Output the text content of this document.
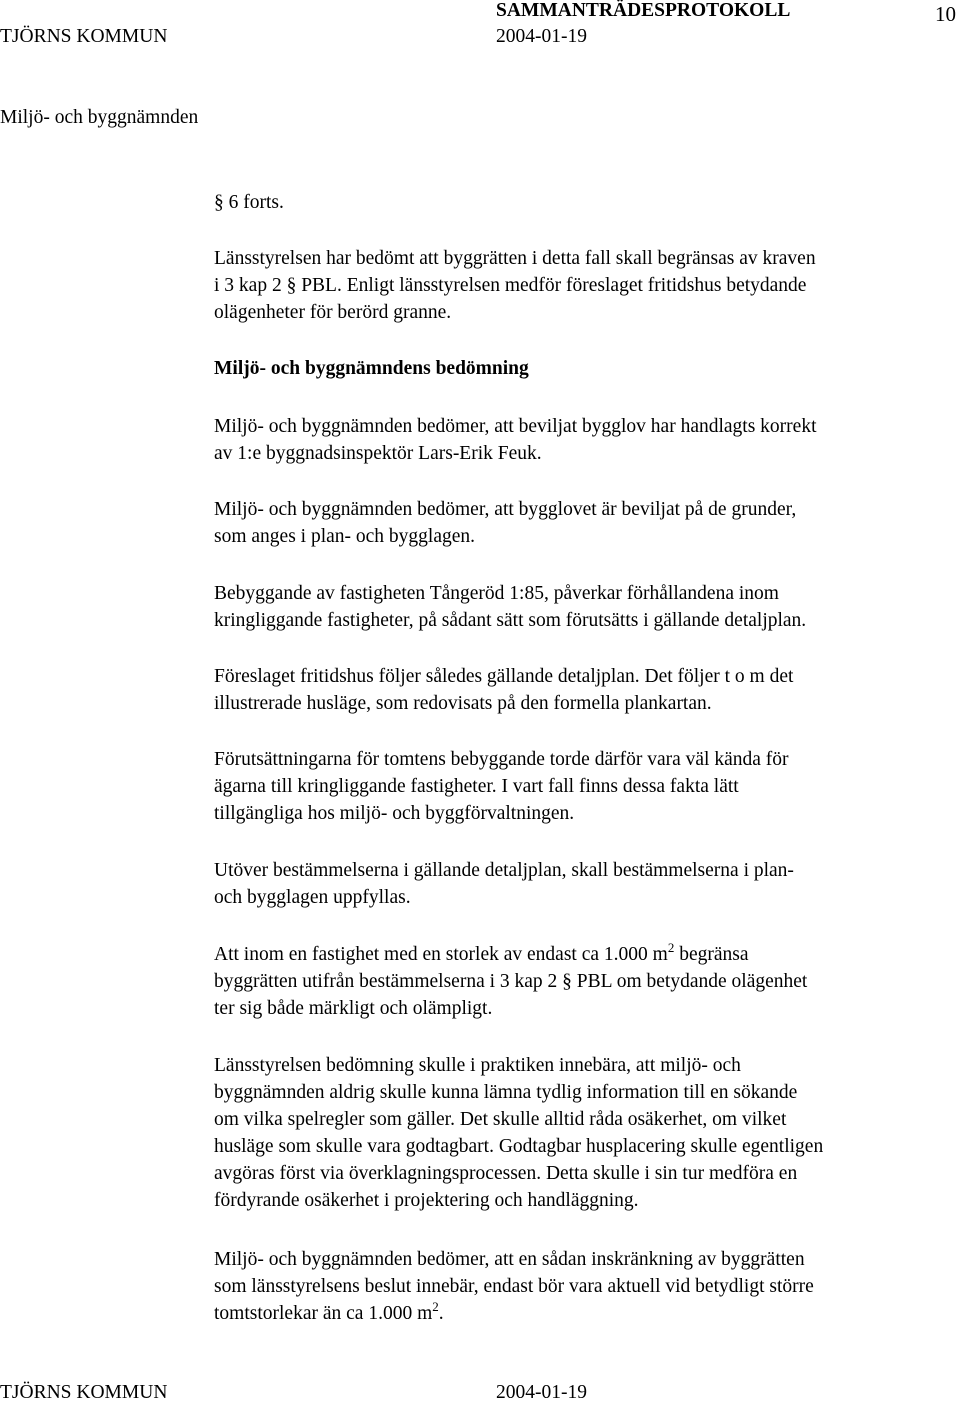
SAMMANTRÄDESPROTOKOLL	10
TJÖRNS KOMMUN	2004-01-19
Miljö- och byggnämnden
§ 6 forts.

Länsstyrelsen har bedömt att byggrätten i detta fall skall begränsas av kraven
i 3 kap 2 § PBL. Enligt länsstyrelsen medför föreslaget fritidshus betydande
olägenheter för berörd granne.

Miljö- och byggnämndens bedömning

Miljö- och byggnämnden bedömer, att beviljat bygglov har handlagts korrekt
av 1:e byggnadsinspektör Lars-Erik Feuk.

Miljö- och byggnämnden bedömer, att bygglovet är beviljat på de grunder,
som anges i plan- och bygglagen.

Bebyggande av fastigheten Tångeröd 1:85, påverkar förhållandena inom
kringliggande fastigheter, på sådant sätt som förutsätts i gällande detaljplan.

Föreslaget fritidshus följer således gällande detaljplan. Det följer t o m det
illustrerade husläge, som redovisats på den formella plankartan.

Förutsättningarna för tomtens bebyggande torde därför vara väl kända för
ägarna till kringliggande fastigheter. I vart fall finns dessa fakta lätt
tillgängliga hos miljö- och byggförvaltningen.

Utöver bestämmelserna i gällande detaljplan, skall bestämmelserna i plan-
och bygglagen uppfyllas.

Att inom en fastighet med en storlek av endast ca 1.000 $m^2$ begränsa
byggrätten utifrån bestämmelserna i 3 kap 2 § PBL om betydande olägenhet
ter sig både märkligt och olämpligt.

Länsstyrelsen bedömning skulle i praktiken innebära, att miljö- och
byggnämnden aldrig skulle kunna lämna tydlig information till en sökande
om vilka spelregler som gäller. Det skulle alltid råda osäkerhet, om vilket
husläge som skulle vara godtagbart. Godtagbar husplacering skulle egentligen
avgöras först via överklagningsprocessen. Detta skulle i sin tur medföra en
fördyrande osäkerhet i projektering och handläggning.

Miljö- och byggnämnden bedömer, att en sådan inskränkning av byggrätten
som länsstyrelsens beslut innebär, endast bör vara aktuell vid betydligt större
tomtstorlekar än ca 1.000 $m^2$.

TJÖRNS KOMMUN	2004-01-19
